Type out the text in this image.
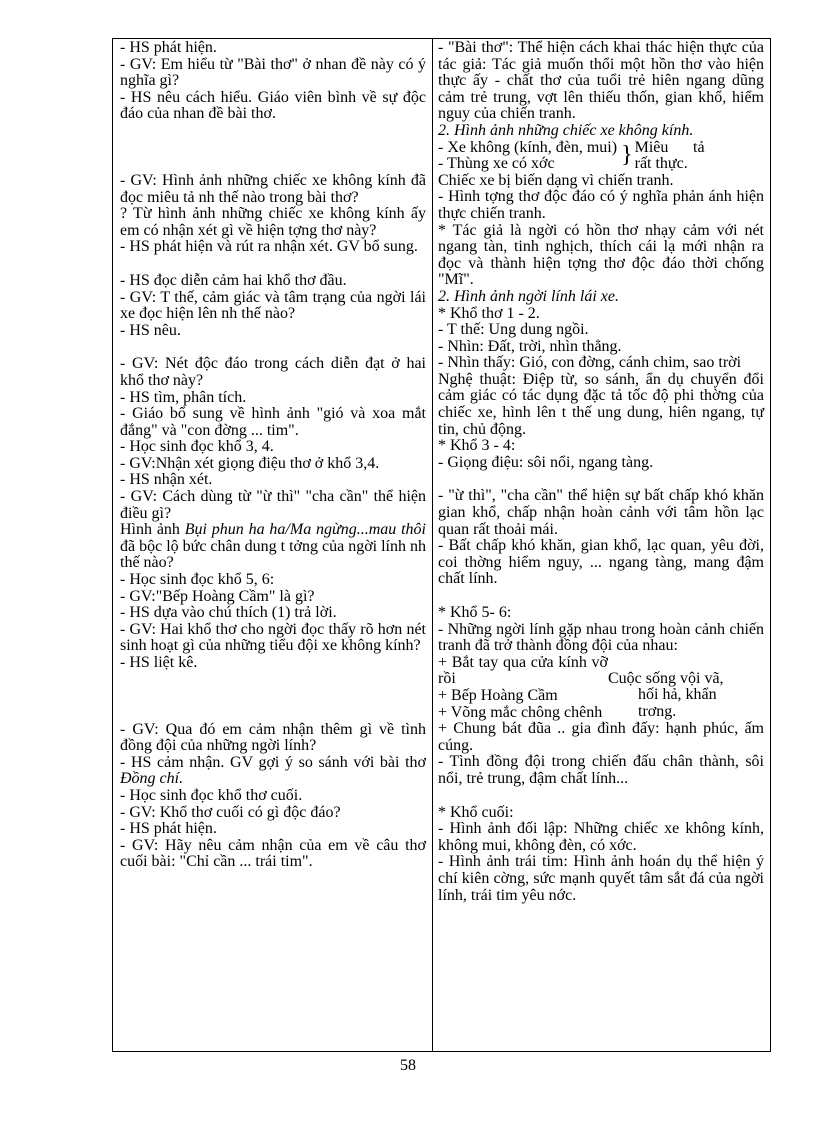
- HS phát hiện.
- GV: Em hiểu từ "Bài thơ" ở nhan đề này có ý nghĩa gì?
- HS nêu cách hiểu. Giáo viên bình về sự độc đáo của nhan đề bài thơ.
- GV: Hình ảnh những chiếc xe không kính đã đọc miêu tả nh thế nào trong bài thơ?
? Từ hình ảnh những chiếc xe không kính ấy em có nhận xét gì về hiện tợng thơ này?
- HS phát hiện và rút ra nhận xét. GV bổ sung.
- HS đọc diễn cảm hai khổ thơ đầu.
- GV: T thế, cảm giác và tâm trạng của ngời lái xe đọc hiện lên nh thế nào?
- HS nêu.
- GV: Nét độc đáo trong cách diễn đạt ở hai khổ thơ này?
- HS tìm, phân tích.
- Giáo bổ sung về hình ảnh "gió và xoa mắt đắng" và "con đờng ... tim".
- Học sinh đọc khổ 3, 4.
- GV:Nhận xét giọng điệu thơ ở khổ 3,4.
- HS nhận xét.
- GV: Cách dùng từ "ừ thì" "cha cần" thể hiện điều gì?
Hình ảnh Bụi phun ha ha/Ma ngừng...mau thôi đã bộc lộ bức chân dung t tởng của ngời lính nh thế nào?
- Học sinh đọc khổ 5, 6:
- GV:"Bếp Hoàng Cầm" là gì?
- HS dựa vào chú thích (1) trả lời.
- GV: Hai khổ thơ cho ngời đọc thấy rõ hơn nét sinh hoạt gì của những tiểu đội xe không kính?
- HS liệt kê.
- GV: Qua đó em cảm nhận thêm gì về tình đồng đội của những ngời lính?
- HS cảm nhận. GV gợi ý so sánh với bài thơ Đồng chí.
- Học sinh đọc khổ thơ cuối.
- GV: Khổ thơ cuối có gì độc đáo?
- HS phát hiện.
- GV: Hãy nêu cảm nhận của em về câu thơ cuối bài: "Chỉ cần ... trái tim".
- "Bài thơ": Thể hiện cách khai thác hiện thực của tác giả: Tác giả muốn thổi một hồn thơ vào hiện thực ấy - chất thơ của tuổi trẻ hiên ngang dũng cảm trẻ trung, vợt lên thiếu thốn, gian khổ, hiểm nguy của chiến tranh.
2. Hình ảnh những chiếc xe không kính.
- Xe không (kính, đèn, mui)
- Thùng xe có xớc	} Miêu tả rất thực.
Chiếc xe bị biến dạng vì chiến tranh.
- Hình tợng thơ độc đáo có ý nghĩa phản ánh hiện thực chiến tranh.
* Tác giả là ngời có hồn thơ nhạy cảm với nét ngang tàn, tinh nghịch, thích cái lạ mới nhận ra đọc và thành hiện tợng thơ độc đáo thời chống "Mĩ".
2. Hình ảnh ngời lính lái xe.
* Khổ thơ 1 - 2.
- T thế: Ung dung ngồi.
- Nhìn: Đất, trời, nhìn thẳng.
- Nhìn thấy: Gió, con đờng, cánh chim, sao trời
Nghệ thuật: Điệp từ, so sánh, ẩn dụ chuyển đổi cảm giác có tác dụng đặc tả tốc độ phi thờng của chiếc xe, hình lên t thế ung dung, hiên ngang, tự tin, chủ động.
* Khổ 3 - 4:
- Giọng điệu: sôi nổi, ngang tàng.
- "ừ thì", "cha cần" thể hiện sự bất chấp khó khăn gian khổ, chấp nhận hoàn cảnh với tâm hồn lạc quan rất thoải mái.
- Bất chấp khó khăn, gian khổ, lạc quan, yêu đời, coi thờng hiểm nguy, ... ngang tàng, mang đậm chất lính.
* Khổ 5- 6:
- Những ngời lính gặp nhau trong hoàn cảnh chiến tranh đã trở thành đồng đội của nhau:
+ Bắt tay qua cửa kính vỡ rồi
+ Bếp Hoàng Cầm
+ Võng mắc chông chênh
Cuộc sống vội vã,
hối hả, khẩn
trơng.
+ Chung bát đũa .. gia đình đấy: hạnh phúc, ấm cúng.
- Tình đồng đội trong chiến đấu chân thành, sôi nổi, trẻ trung, đậm chất lính...
* Khổ cuối:
- Hình ảnh đối lập: Những chiếc xe không kính, không mui, không đèn, có xớc.
- Hình ảnh trái tim: Hình ảnh hoán dụ thể hiện ý chí kiên cờng, sức mạnh quyết tâm sắt đá của ngời lính, trái tim yêu nớc.
58
